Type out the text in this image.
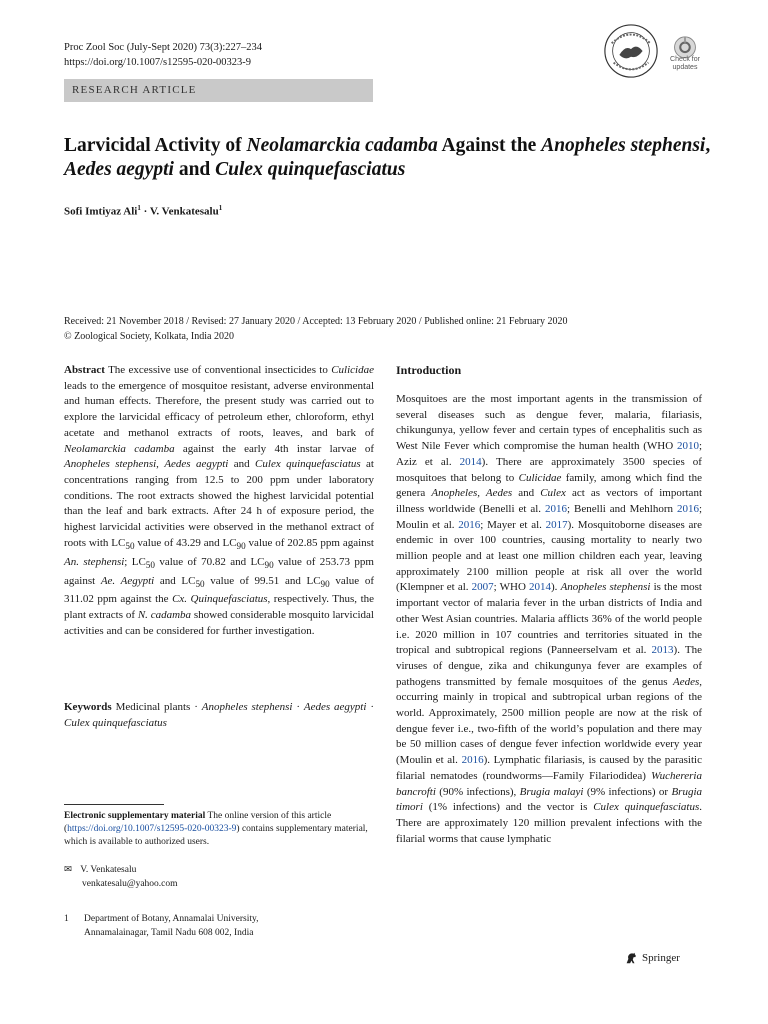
Proc Zool Soc (July-Sept 2020) 73(3):227–234
https://doi.org/10.1007/s12595-020-00323-9
RESEARCH ARTICLE
Check for updates
Larvicidal Activity of Neolamarckia cadamba Against the Anopheles stephensi, Aedes aegypti and Culex quinquefasciatus
Sofi Imtiyaz Ali$^1$ · V. Venkatesalu$^1$
Received: 21 November 2018 / Revised: 27 January 2020 / Accepted: 13 February 2020 / Published online: 21 February 2020
© Zoological Society, Kolkata, India 2020
Abstract The excessive use of conventional insecticides to Culicidae leads to the emergence of mosquitoe resistant, adverse environmental and human effects. Therefore, the present study was carried out to explore the larvicidal efficacy of petroleum ether, chloroform, ethyl acetate and methanol extracts of roots, leaves, and bark of Neolamarckia cadamba against the early 4th instar larvae of Anopheles stephensi, Aedes aegypti and Culex quinquefasciatus at concentrations ranging from 12.5 to 200 ppm under laboratory conditions. The root extracts showed the highest larvicidal potential than the leaf and bark extracts. After 24 h of exposure period, the highest larvicidal activities were observed in the methanol extract of roots with $LC_{50}$ value of 43.29 and $LC_{90}$ value of 202.85 ppm against An. stephensi; $LC_{50}$ value of 70.82 and $LC_{90}$ value of 253.73 ppm against Ae. Aegypti and $LC_{50}$ value of 99.51 and $LC_{90}$ value of 311.02 ppm against the Cx. Quinquefasciatus, respectively. Thus, the plant extracts of N. cadamba showed considerable mosquito larvicidal activities and can be considered for further investigation.
Keywords Medicinal plants · Anopheles stephensi · Aedes aegypti · Culex quinquefasciatus
Electronic supplementary material The online version of this article (https://doi.org/10.1007/s12595-020-00323-9) contains supplementary material, which is available to authorized users.
✉ V. Venkatesalu
venkatesalu@yahoo.com
1 Department of Botany, Annamalai University,
Annamalainagar, Tamil Nadu 608 002, India
Introduction
Mosquitoes are the most important agents in the transmission of several diseases such as dengue fever, malaria, filariasis, chikungunya, yellow fever and certain types of encephalitis such as West Nile Fever which compromise the human health (WHO 2010; Aziz et al. 2014). There are approximately 3500 species of mosquitoes that belong to Culicidae family, among which find the genera Anopheles, Aedes and Culex act as vectors of important illness worldwide (Benelli et al. 2016; Benelli and Mehlhorn 2016; Moulin et al. 2016; Mayer et al. 2017). Mosquitoborne diseases are endemic in over 100 countries, causing mortality to nearly two million people and at least one million children each year, leaving approximately 2100 million people at risk all over the world (Klempner et al. 2007; WHO 2014). Anopheles stephensi is the most important vector of malaria fever in the urban districts of India and other West Asian countries. Malaria afflicts 36% of the world people i.e. 2020 million in 107 countries and territories situated in the tropical and subtropical regions (Panneerselvam et al. 2013). The viruses of dengue, zika and chikungunya fever are examples of pathogens transmitted by female mosquitoes of the genus Aedes, occurring mainly in tropical and subtropical urban regions of the world. Approximately, 2500 million people are now at the risk of dengue fever i.e., two-fifth of the world’s population and there may be 50 million cases of dengue fever infection worldwide every year (Moulin et al. 2016). Lymphatic filariasis, is caused by the parasitic filarial nematodes (roundworms—Family Filariodidea) Wuchereria bancrofti (90% infections), Brugia malayi (9% infections) or Brugia timori (1% infections) and the vector is Culex quinquefasciatus. There are approximately 120 million prevalent infections with the filarial worms that cause lymphatic
Springer
